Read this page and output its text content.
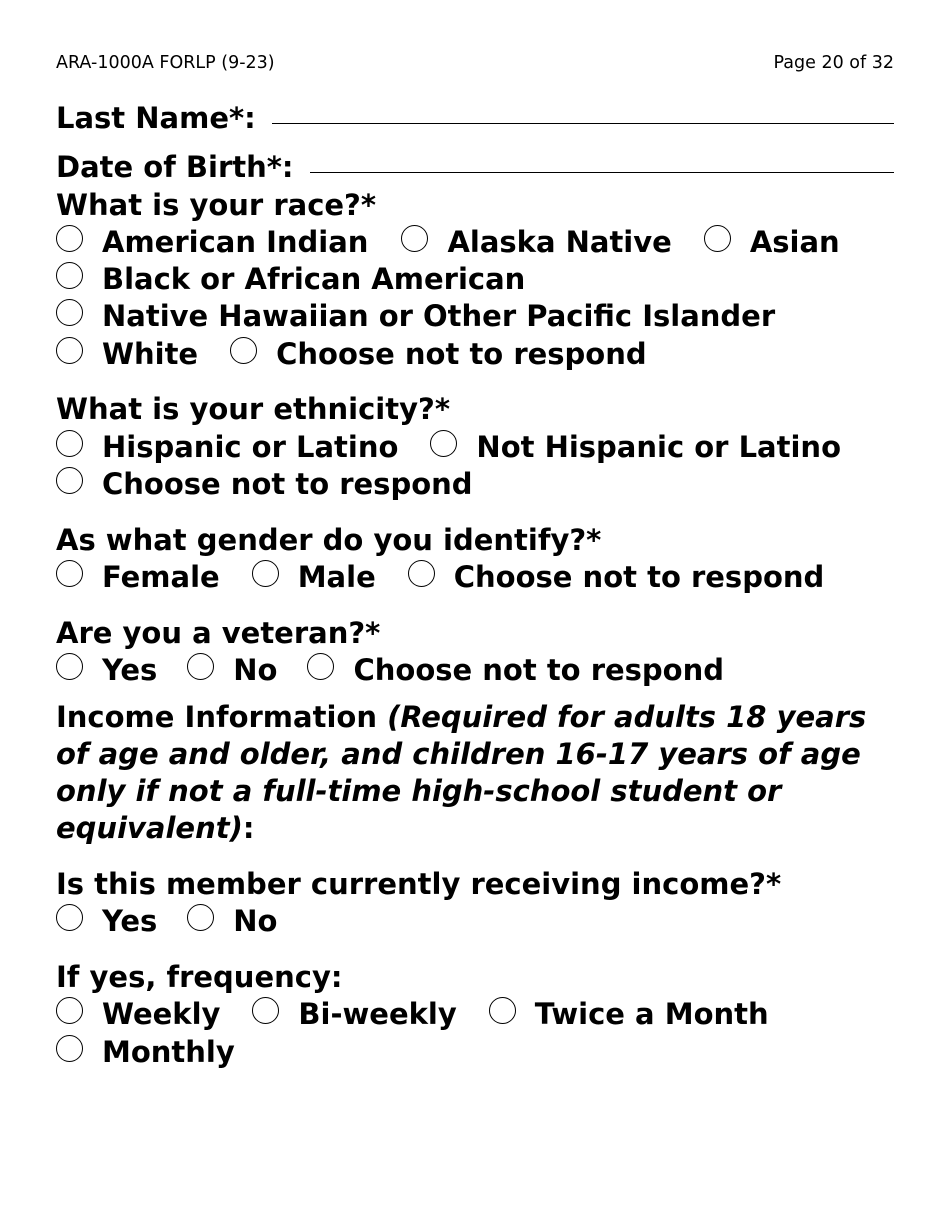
ARA-1000A FORLP (9-23)	Page 20 of 32
Last Name*:
Date of Birth*:
What is your race?*
American Indian	Alaska Native	Asian
Black or African American
Native Hawaiian or Other Pacific Islander
White	Choose not to respond
What is your ethnicity?*
Hispanic or Latino	Not Hispanic or Latino
Choose not to respond
As what gender do you identify?*
Female	Male	Choose not to respond
Are you a veteran?*
Yes	No	Choose not to respond
Income Information (Required for adults 18 years of age and older, and children 16-17 years of age only if not a full-time high-school student or equivalent):
Is this member currently receiving income?*
Yes	No
If yes, frequency:
Weekly	Bi-weekly	Twice a Month
Monthly
